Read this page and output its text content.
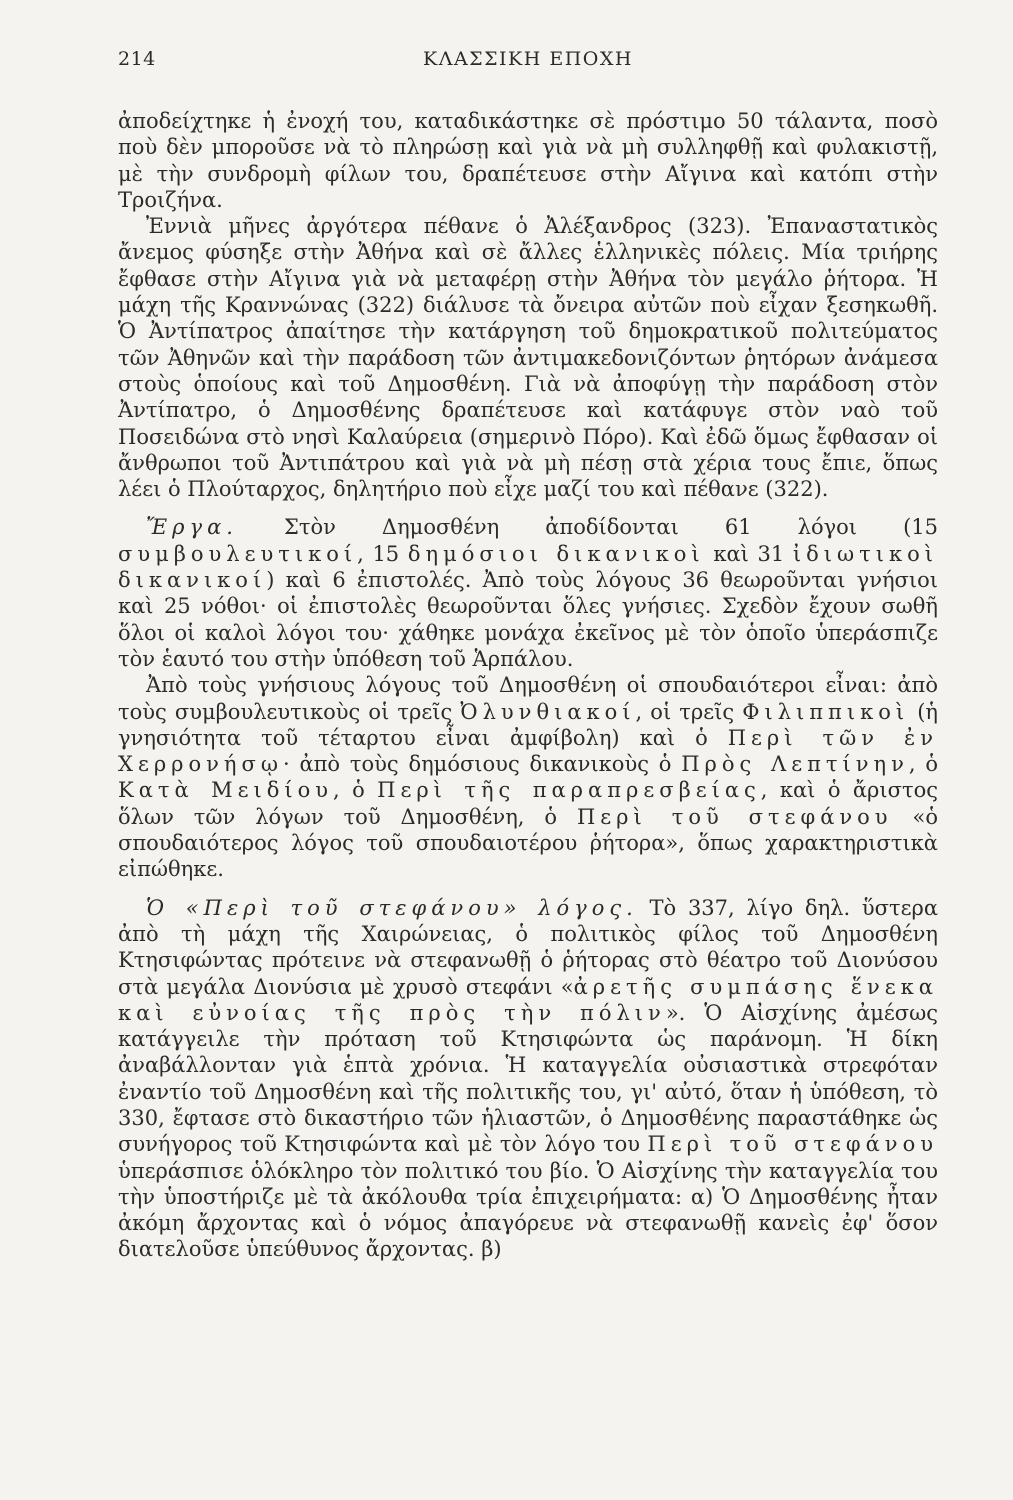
214	ΚΛΑΣΣΙΚΗ ΕΠΟΧΗ

ἀποδείχτηκε ἡ ἐνοχή του, καταδικάστηκε σὲ πρόστιμο 50 τάλαντα, ποσὸ ποὺ δὲν μποροῦσε νὰ τὸ πληρώσῃ καὶ γιὰ νὰ μὴ συλληφθῇ καὶ φυλακιστῇ, μὲ τὴν συνδρομὴ φίλων του, δραπέτευσε στὴν Αἴγινα καὶ κατόπι στὴν Τροιζήνα.

Ἐννιὰ μῆνες ἀργότερα πέθανε ὁ Ἀλέξανδρος (323). Ἐπαναστατικὸς ἄνεμος φύσηξε στὴν Ἀθήνα καὶ σὲ ἄλλες ἑλληνικὲς πόλεις. Μία τριήρης ἔφθασε στὴν Αἴγινα γιὰ νὰ μεταφέρῃ στὴν Ἀθήνα τὸν μεγάλο ῥήτορα. Ἡ μάχη τῆς Κραννώνας (322) διάλυσε τὰ ὄνειρα αὐτῶν ποὺ εἶχαν ξεσηκωθῆ. Ὁ Ἀντίπατρος ἀπαίτησε τὴν κατάργηση τοῦ δημοκρατικοῦ πολιτεύματος τῶν Ἀθηνῶν καὶ τὴν παράδοση τῶν ἀντιμακεδονιζόντων ῥητόρων ἀνάμεσα στοὺς ὁποίους καὶ τοῦ Δημοσθένη. Γιὰ νὰ ἀποφύγῃ τὴν παράδοση στὸν Ἀντίπατρο, ὁ Δημοσθένης δραπέτευσε καὶ κατάφυγε στὸν ναὸ τοῦ Ποσειδώνα στὸ νησὶ Καλαύρεια (σημερινὸ Πόρο). Καὶ ἐδῶ ὅμως ἔφθασαν οἱ ἄνθρωποι τοῦ Ἀντιπάτρου καὶ γιὰ νὰ μὴ πέσῃ στὰ χέρια τους ἔπιε, ὅπως λέει ὁ Πλούταρχος, δηλητήριο ποὺ εἶχε μαζί του καὶ πέθανε (322).

Ἔργα. Στὸν Δημοσθένη ἀποδίδονται 61 λόγοι (15 συμβουλευτικοί, 15 δημόσιοι δικανικοὶ καὶ 31 ἰδιωτικοὶ δικανικοί) καὶ 6 ἐπιστολές. Ἀπὸ τοὺς λόγους 36 θεωροῦνται γνήσιοι καὶ 25 νόθοι· οἱ ἐπιστολὲς θεωροῦνται ὅλες γνήσιες. Σχεδὸν ἔχουν σωθῆ ὅλοι οἱ καλοὶ λόγοι του· χάθηκε μονάχα ἐκεῖνος μὲ τὸν ὁποῖο ὑπεράσπιζε τὸν ἑαυτό του στὴν ὑπόθεση τοῦ Ἁρπάλου.

Ἀπὸ τοὺς γνήσιους λόγους τοῦ Δημοσθένη οἱ σπουδαιότεροι εἶναι: ἀπὸ τοὺς συμβουλευτικοὺς οἱ τρεῖς Ὀλυνθιακοί, οἱ τρεῖς Φιλιππικοὶ (ἡ γνησιότητα τοῦ τέταρτου εἶναι ἀμφίβολη) καὶ ὁ Περὶ τῶν ἐν Χερρονήσῳ· ἀπὸ τοὺς δημόσιους δικανικοὺς ὁ Πρὸς Λεπτίνην, ὁ Κατὰ Μειδίου, ὁ Περὶ τῆς παραπρεσβείας, καὶ ὁ ἄριστος ὅλων τῶν λόγων τοῦ Δημοσθένη, ὁ Περὶ τοῦ στεφάνου «ὁ σπουδαιότερος λόγος τοῦ σπουδαιοτέρου ῥήτορα», ὅπως χαρακτηριστικὰ εἰπώθηκε.

Ὁ «Περὶ τοῦ στεφάνου» λόγος. Τὸ 337, λίγο δηλ. ὕστερα ἀπὸ τὴ μάχη τῆς Χαιρώνειας, ὁ πολιτικὸς φίλος τοῦ Δημοσθένη Κτησιφώντας πρότεινε νὰ στεφανωθῇ ὁ ῥήτορας στὸ θέατρο τοῦ Διονύσου στὰ μεγάλα Διονύσια μὲ χρυσὸ στεφάνι «ἀρετῆς συμπάσης ἕνεκα καὶ εὐνοίας τῆς πρὸς τὴν πόλιν». Ὁ Αἰσχίνης ἀμέσως κατάγγειλε τὴν πρόταση τοῦ Κτησιφώντα ὡς παράνομη. Ἡ δίκη ἀναβάλλονταν γιὰ ἑπτὰ χρόνια. Ἡ καταγγελία οὐσιαστικὰ στρεφόταν ἐναντίο τοῦ Δημοσθένη καὶ τῆς πολιτικῆς του, γι' αὐτό, ὅταν ἡ ὑπόθεση, τὸ 330, ἔφτασε στὸ δικαστήριο τῶν ἡλιαστῶν, ὁ Δημοσθένης παραστάθηκε ὡς συνήγορος τοῦ Κτησιφώντα καὶ μὲ τὸν λόγο του Περὶ τοῦ στεφάνου ὑπεράσπισε ὁλόκληρο τὸν πολιτικό του βίο. Ὁ Αἰσχίνης τὴν καταγγελία του τὴν ὑποστήριζε μὲ τὰ ἀκόλουθα τρία ἐπιχειρήματα: α) Ὁ Δημοσθένης ἦταν ἀκόμη ἄρχοντας καὶ ὁ νόμος ἀπαγόρευε νὰ στεφανωθῇ κανεὶς ἐφ' ὅσον διατελοῦσε ὑπεύθυνος ἄρχοντας. β)
